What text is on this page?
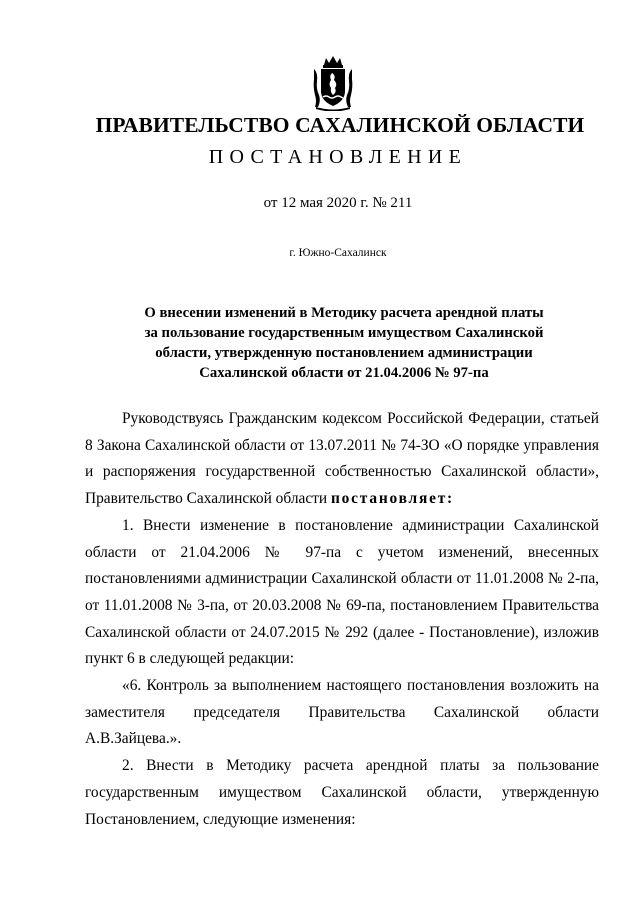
ПРАВИТЕЛЬСТВО САХАЛИНСКОЙ ОБЛАСТИ
ПОСТАНОВЛЕНИЕ
от 12 мая 2020 г. № 211
г. Южно-Сахалинск
О внесении изменений в Методику расчета арендной платы
за пользование государственным имуществом Сахалинской
области, утвержденную постановлением администрации
Сахалинской области от 21.04.2006 № 97-па

Руководствуясь Гражданским кодексом Российской Федерации, статьей 8 Закона Сахалинской области от 13.07.2011 № 74-ЗО «О порядке управления и распоряжения государственной собственностью Сахалинской области», Правительство Сахалинской области постановляет:

1. Внести изменение в постановление администрации Сахалинской области от 21.04.2006 № 97-па с учетом изменений, внесенных постановлениями администрации Сахалинской области от 11.01.2008 № 2-па, от 11.01.2008 № 3-па, от 20.03.2008 № 69-па, постановлением Правительства Сахалинской области от 24.07.2015 № 292 (далее - Постановление), изложив пункт 6 в следующей редакции:

«6. Контроль за выполнением настоящего постановления возложить на заместителя председателя Правительства Сахалинской области А.В.Зайцева.».

2. Внести в Методику расчета арендной платы за пользование государственным имуществом Сахалинской области, утвержденную Постановлением, следующие изменения:
